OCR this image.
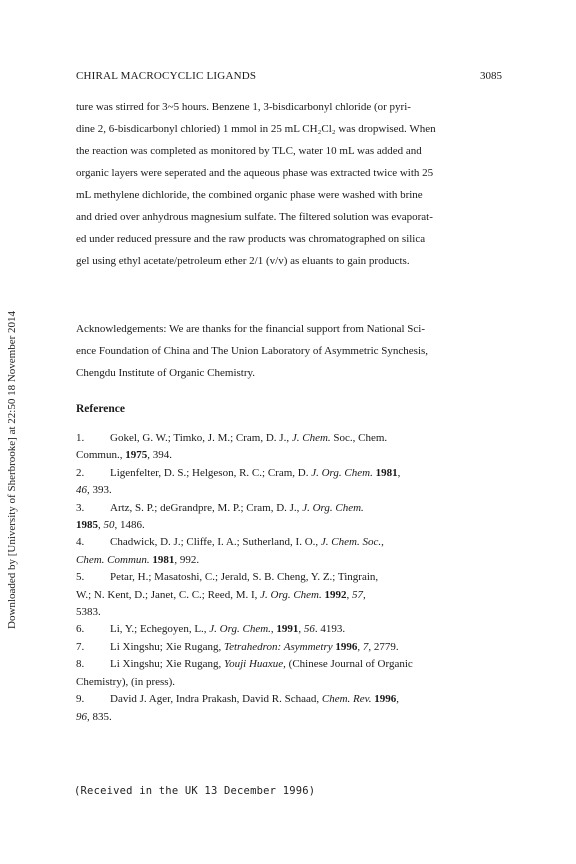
CHIRAL MACROCYCLIC LIGANDS	3085
Downloaded by [University of Sherbrooke] at 22:50 18 November 2014
ture was stirred for 3~5 hours. Benzene 1, 3-bisdicarbonyl chloride (or pyri-
dine 2, 6-bisdicarbonyl chloried) 1 mmol in 25 mL CH₂Cl₂ was dropwised. When
the reaction was completed as monitored by TLC, water 10 mL was added and
organic layers were seperated and the aqueous phase was extracted twice with 25
mL methylene dichloride, the combined organic phase were washed with brine
and dried over anhydrous magnesium sulfate. The filtered solution was evaporat-
ed under reduced pressure and the raw products was chromatographed on silica
gel using ethyl acetate/petroleum ether 2/1 (v/v) as eluants to gain products.
Acknowledgements: We are thanks for the financial support from National Sci-
ence Foundation of China and The Union Laboratory of Asymmetric Synchesis,
Chengdu Institute of Organic Chemistry.
Reference
1. Gokel, G. W.; Timko, J. M.; Cram, D. J., J. Chem. Soc., Chem.
Commun., 1975, 394.
2. Ligenfelter, D. S.; Helgeson, R. C.; Cram, D. J. Org. Chem. 1981,
46, 393.
3. Artz, S. P.; deGrandpre, M. P.; Cram, D. J., J. Org. Chem.
1985, 50, 1486.
4. Chadwick, D. J.; Cliffe, I. A.; Sutherland, I. O., J. Chem. Soc.,
Chem. Commun. 1981, 992.
5. Petar, H.; Masatoshi, C.; Jerald, S. B. Cheng, Y. Z.; Tingrain,
W.; N. Kent, D.; Janet, C. C.; Reed, M. I, J. Org. Chem. 1992, 57,
5383.
6. Li, Y.; Echegoyen, L., J. Org. Chem., 1991, 56. 4193.
7. Li Xingshu; Xie Rugang, Tetrahedron: Asymmetry 1996, 7, 2779.
8. Li Xingshu; Xie Rugang, Youji Huaxue, (Chinese Journal of Organic
Chemistry), (in press).
9. David J. Ager, Indra Prakash, David R. Schaad, Chem. Rev. 1996,
96, 835.
(Received in the UK 13 December 1996)
